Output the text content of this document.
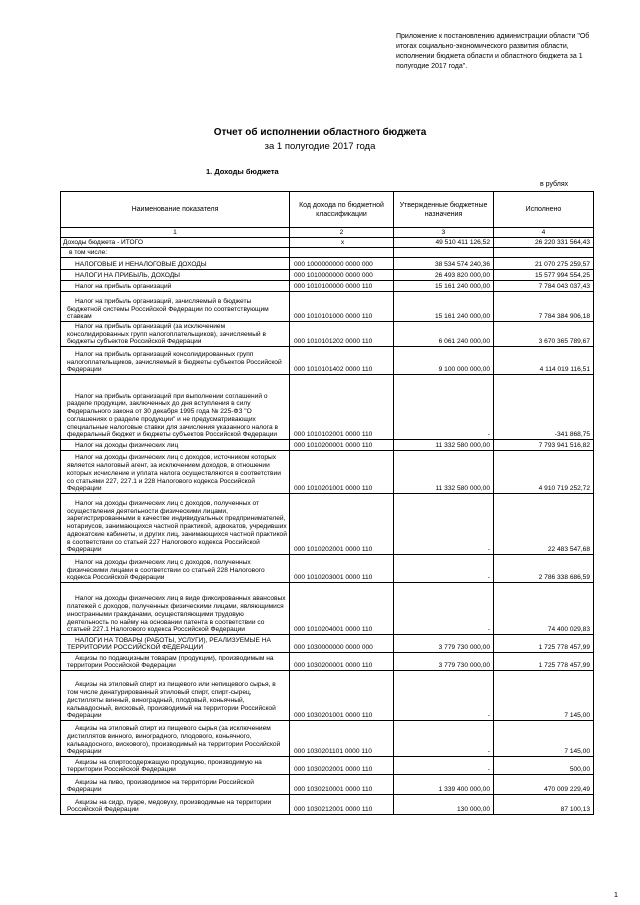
Приложение к постановлению администрации области "Об итогах социально-экономического развития области, исполнении бюджета области и областного бюджета за 1 полугодие 2017 года".
Отчет об исполнении областного бюджета
за 1 полугодие 2017 года
1. Доходы бюджета
в рублях
Наименование показателя	Код дохода по бюджетной классификации	Утвержденные бюджетные назначения	Исполнено
1	2	3	4

Доходы бюджета - ИТОГО	x	49 510 411 126,52	26 220 331 564,43

в том числе:			

НАЛОГОВЫЕ И НЕНАЛОГОВЫЕ ДОХОДЫ	000 1000000000 0000 000	38 534 574 240,36	21 070 275 259,57

НАЛОГИ НА ПРИБЫЛЬ, ДОХОДЫ	000 1010000000 0000 000	26 493 820 000,00	15 577 994 554,25

Налог на прибыль организаций	000 1010100000 0000 110	15 161 240 000,00	7 784 043 037,43

Налог на прибыль организаций, зачисляемый в бюджеты бюджетной системы Российской Федерации по соответствующим ставкам	000 1010101000 0000 110	15 161 240 000,00	7 784 384 906,18

Налог на прибыль организаций (за исключением консолидированных групп налогоплательщиков), зачисляемый в бюджеты субъектов Российской Федерации	000 1010101202 0000 110	6 061 240 000,00	3 670 365 789,67

Налог на прибыль организаций консолидированных групп налогоплательщиков, зачисляемый в бюджеты субъектов Российской Федерации	000 1010101402 0000 110	9 100 000 000,00	4 114 019 116,51

Налог на прибыль организаций при выполнении соглашений о разделе продукции, заключенных до дня вступления в силу Федерального закона от 30 декабря 1995 года № 225-ФЗ "О соглашениях о разделе продукции" и не предусматривающих специальные налоговые ставки для зачисления указанного налога в федеральный бюджет и бюджеты субъектов Российской Федерации	000 1010102001 0000 110	-	-341 868,75

Налог на доходы физических лиц	000 1010200001 0000 110	11 332 580 000,00	7 793 941 516,82

Налог на доходы физических лиц с доходов, источником которых является налоговый агент, за исключением доходов, в отношении которых исчисление и уплата налога осуществляются в соответствии со статьями 227, 227.1 и 228 Налогового кодекса Российской Федерации	000 1010201001 0000 110	11 332 580 000,00	4 910 719 252,72

Налог на доходы физических лиц с доходов, полученных от осуществления деятельности физическими лицами, зарегистрированными в качестве индивидуальных предпринимателей, нотариусов, занимающихся частной практикой, адвокатов, учредивших адвокатские кабинеты, и других лиц, занимающихся частной практикой в соответствии со статьей 227 Налогового кодекса Российской Федерации	000 1010202001 0000 110	-	22 483 547,68

Налог на доходы физических лиц с доходов, полученных физическими лицами в соответствии со статьей 228 Налогового кодекса Российской Федерации	000 1010203001 0000 110	-	2 786 338 686,59

Налог на доходы физических лиц в виде фиксированных авансовых платежей с доходов, полученных физическими лицами, являющимися иностранными гражданами, осуществляющими трудовую деятельность по найму на основании патента в соответствии со статьей 227.1 Налогового кодекса Российской Федерации	000 1010204001 0000 110	-	74 400 029,83

НАЛОГИ НА ТОВАРЫ (РАБОТЫ, УСЛУГИ), РЕАЛИЗУЕМЫЕ НА ТЕРРИТОРИИ РОССИЙСКОЙ ФЕДЕРАЦИИ	000 1030000000 0000 000	3 779 730 000,00	1 725 778 457,99

Акцизы по подакцизным товарам (продукции), производимым на территории Российской Федерации	000 1030200001 0000 110	3 779 730 000,00	1 725 778 457,99

Акцизы на этиловый спирт из пищевого или непищевого сырья, в том числе денатурированный этиловый спирт, спирт-сырец, дистилляты винный, виноградный, плодовый, коньячный, кальвадосный, висковый, производимый на территории Российской Федерации	000 1030201001 0000 110	-	7 145,00

Акцизы на этиловый спирт из пищевого сырья (за исключением дистиллятов винного, виноградного, плодового, коньячного, кальвадосного, вискового), производимый на территории Российской Федерации	000 1030201101 0000 110	-	7 145,00

Акцизы на спиртосодержащую продукцию, производимую на территории Российской Федерации	000 1030202001 0000 110	-	500,00

Акцизы на пиво, производимое на территории Российской Федерации	000 1030210001 0000 110	1 339 400 000,00	470 009 229,49

Акцизы на сидр, пуаре, медовуху, производимые на территории Российской Федерации	000 1030212001 0000 110	130 000,00	87 100,13
1
